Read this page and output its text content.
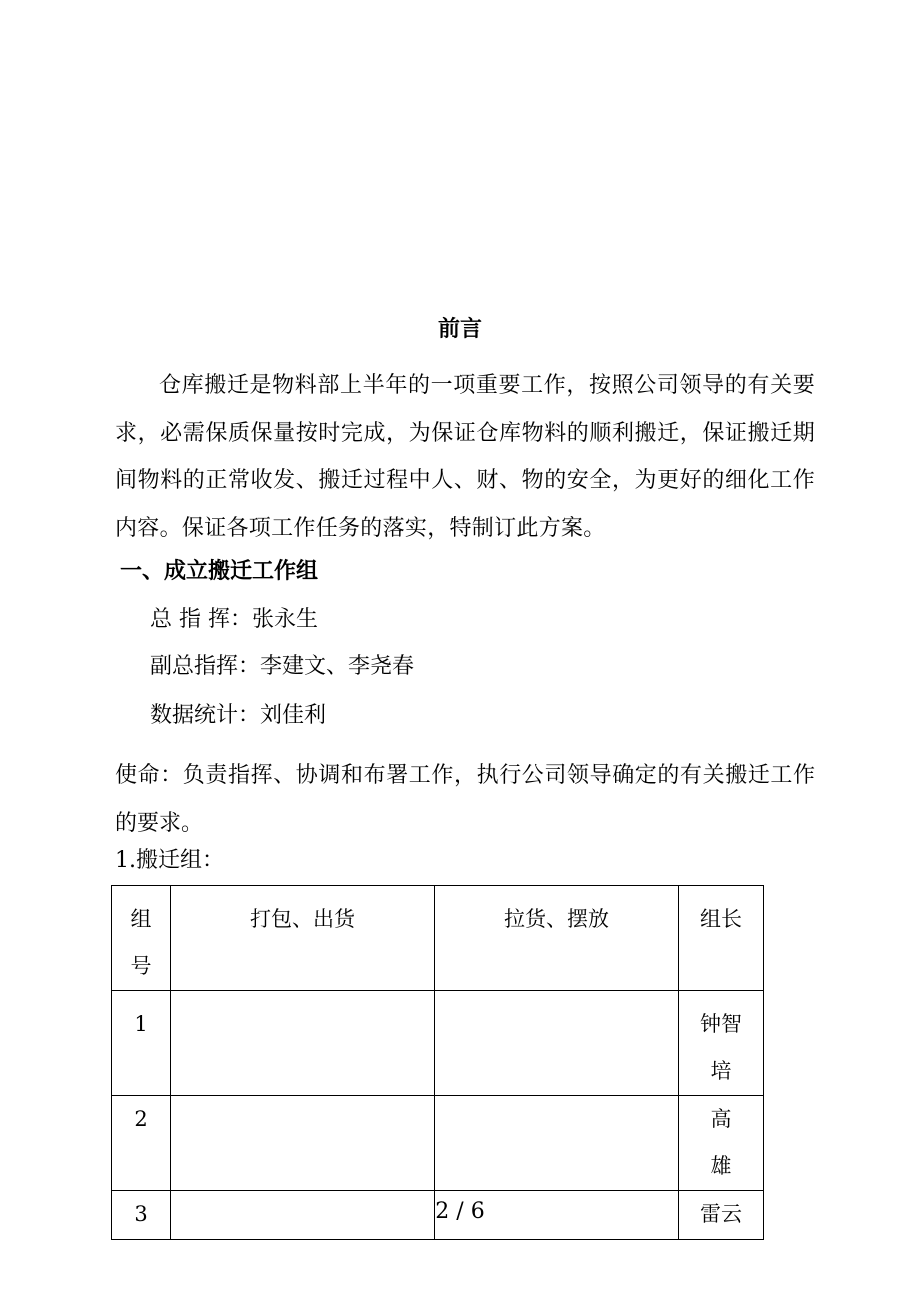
前言
仓库搬迁是物料部上半年的一项重要工作，按照公司领导的有关要求，必需保质保量按时完成，为保证仓库物料的顺利搬迁，保证搬迁期间物料的正常收发、搬迁过程中人、财、物的安全，为更好的细化工作内容。保证各项工作任务的落实，特制订此方案。
一、成立搬迁工作组
总 指 挥：张永生
副总指挥：李建文、李尧春
数据统计：刘佳利
使命：负责指挥、协调和布署工作，执行公司领导确定的有关搬迁工作的要求。
1.搬迁组：
组号	打包、出货	拉货、摆放	组长

1			钟智培

2			高雄

3			雷云
2 / 6
